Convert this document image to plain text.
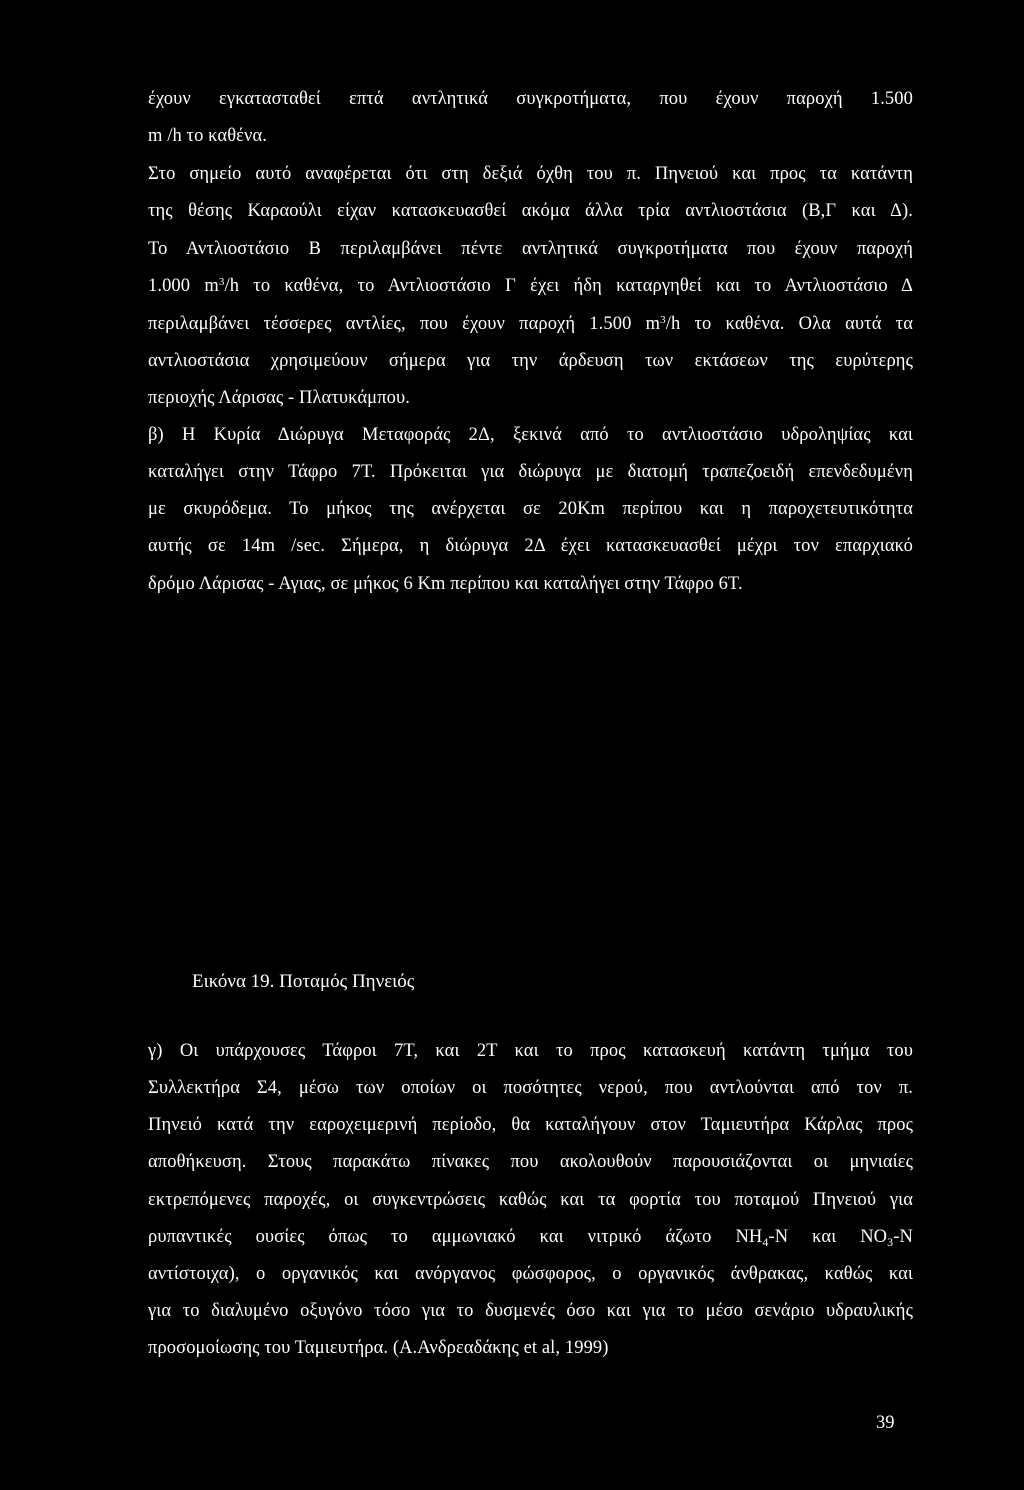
έχουν εγκατασταθεί επτά αντλητικά συγκροτήματα, που έχουν παροχή 1.500
m /h το καθένα.
Στο σημείο αυτό αναφέρεται ότι στη δεξιά όχθη του π. Πηνειού και προς τα κατάντη
της θέσης Καραούλι είχαν κατασκευασθεί ακόμα άλλα τρία αντλιοστάσια (Β,Γ και Δ).
Το Αντλιοστάσιο Β περιλαμβάνει πέντε αντλητικά συγκροτήματα που έχουν παροχή
1.000 $m^3/h$ το καθένα, το Αντλιοστάσιο Γ έχει ήδη καταργηθεί και το Αντλιοστάσιο Δ
περιλαμβάνει τέσσερες αντλίες, που έχουν παροχή 1.500 $m^3/h$ το καθένα. Ολα αυτά τα
αντλιοστάσια χρησιμεύουν σήμερα για την άρδευση των εκτάσεων της ευρύτερης
περιοχής Λάρισας - Πλατυκάμπου.
β) Η Κυρία Διώρυγα Μεταφοράς 2Δ, ξεκινά από το αντλιοστάσιο υδροληψίας και
καταλήγει στην Τάφρο 7Τ. Πρόκειται για διώρυγα με διατομή τραπεζοειδή επενδεδυμένη
με σκυρόδεμα. Το μήκος της ανέρχεται σε 20Km περίπου και η παροχετευτικότητα
αυτής σε 14m /sec. Σήμερα, η διώρυγα 2Δ έχει κατασκευασθεί μέχρι τον επαρχιακό
δρόμο Λάρισας - Αγιας, σε μήκος 6 Km περίπου και καταλήγει στην Τάφρο 6Τ.
Εικόνα 19. Ποταμός Πηνειός
γ) Οι υπάρχουσες Τάφροι 7Τ, και 2Τ και το προς κατασκευή κατάντη τμήμα του
Συλλεκτήρα Σ4, μέσω των οποίων οι ποσότητες νερού, που αντλούνται από τον π.
Πηνειό κατά την εαροχειμερινή περίοδο, θα καταλήγουν στον Ταμιευτήρα Κάρλας προς
αποθήκευση. Στους παρακάτω πίνακες που ακολουθούν παρουσιάζονται οι μηνιαίες
εκτρεπόμενες παροχές, οι συγκεντρώσεις καθώς και τα φορτία του ποταμού Πηνειού για
ρυπαντικές ουσίες όπως το αμμωνιακό και νιτρικό άζωτο $NH_4-N$ και $NO_3-N$
αντίστοιχα), ο οργανικός και ανόργανος φώσφορος, ο οργανικός άνθρακας, καθώς και
για το διαλυμένο οξυγόνο τόσο για το δυσμενές όσο και για το μέσο σενάριο υδραυλικής
προσομοίωσης του Ταμιευτήρα. (Α.Ανδρεαδάκης et al, 1999)
39
